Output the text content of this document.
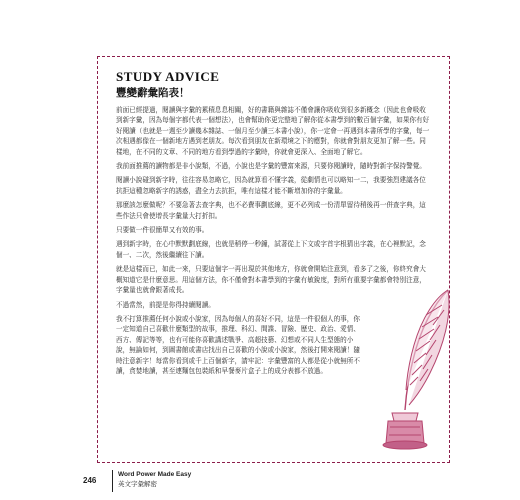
STUDY ADVICE
豐變辭彙陷表！

前面已經提過，閱讀與字彙的累積息息相關，好的書籍與雜誌不僅會讓你吸收到很多新概念（因此也會吸收到新字彙，因為每個字都代表一個想法），也會幫助你更完整地了解你從本書學到的數百個字彙，如果你有好好閱讀（也就是一週至少讀幾本雜誌、一個月至少讀三本書小說），你一定會一再遇到本書所學的字彙，每一次相遇都像在一個新地方遇到老朋友。每次看到朋友在新環境之下的應對，你就會對朋友更加了解一些。同樣地，在不同的文章、不同的地方看到學過的字彙時，你就會更深入、全面地了解它。

我前面推薦的讀物都是非小說類，不過，小說也是字彙的豐富來源，只要你閱讀時，隨時對新字保持警覺。

閱讀小說碰到新字時，往往容易忽略它，因為就算看不懂字義，從劇情也可以略知一二，我要強烈建議各位抗拒這種忽略新字的誘惑，盡全力去抗拒，唯有這樣才能不斷增加你的字彙量。

那麼該怎麼做呢？不要急著去查字典，也不必費事劃底線，更不必列成一份清單留待稍後再一併查字典，這些作法只會使增長字彙量大打折扣。

只要做一件很簡單又有效的事。

遇到新字時，在心中默默劃底線，也就是稍停一秒鐘，試著從上下文或字首字根猜出字義，在心裡默記，念個一、二次，然後繼續往下讀。

就是這樣而已，如此一來，只要這個字一再出現於其他地方，你就會開始注意到，看多了之後，你終究會大概知道它是什麼意思。用這個方法，你不僅會對本書學到的字彙有敏銳度，對所有重要字彙都會特別注意，字彙量也就會跟著成長。

不過當然，前提是你得持續閱讀。

我不打算推薦任何小說或小說家，因為每個人的喜好不同，這是一件很個人的事，你一定知道自己喜歡什麼類型的故事，推理、科幻、間諜、冒險、歷史、政治、愛情、西方、傳記等等，也有可能你喜歡講述戰爭、高超技藝、幻想或不同人生型態的小說，無論如何，到圖書館或書店找出自己喜歡的小說或小說家，然後打開來閱讀！隨時注意新字！每當你看到或千上百個新字，請牢記：字彙豐富的人都是從小就無所不讀，貪婪地讀，甚至連麵包包裝紙和早餐麥片盒子上的成分表都不放過。

246
Word Power Made Easy
英文字彙解密
